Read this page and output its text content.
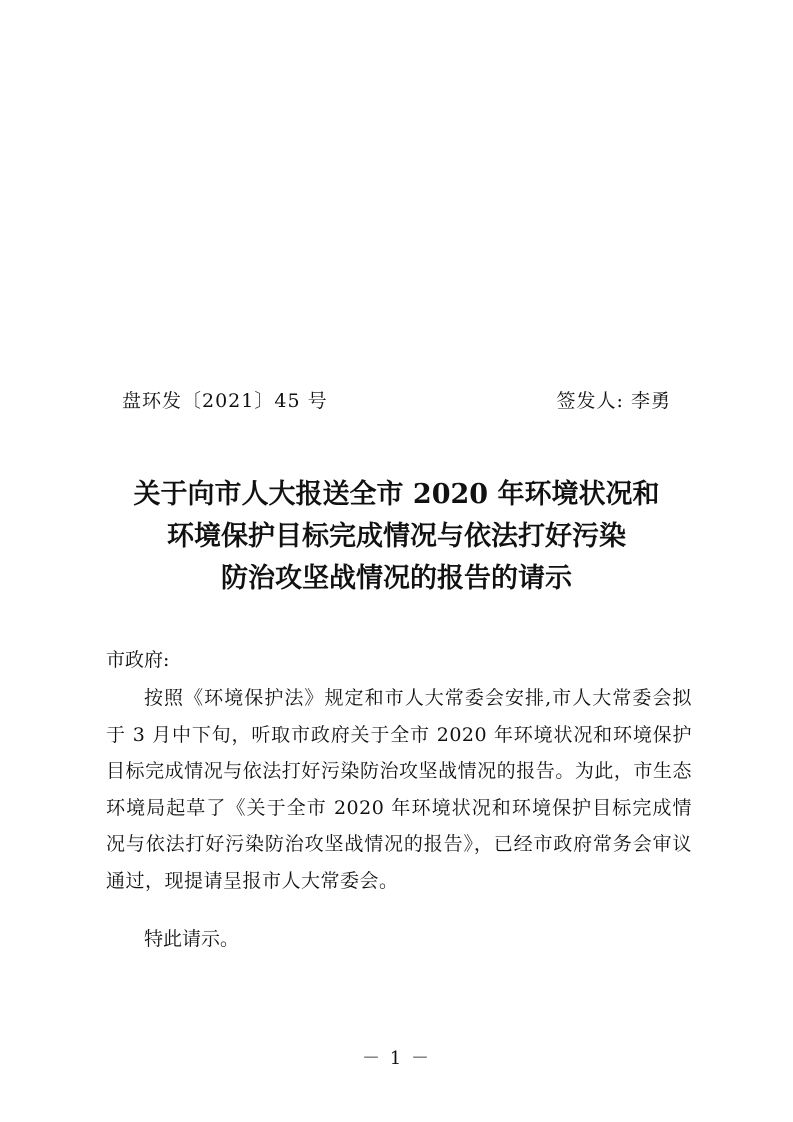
盘环发〔2021〕45 号	签发人: 李勇
关于向市人大报送全市 2020 年环境状况和
环境保护目标完成情况与依法打好污染
防治攻坚战情况的报告的请示
市政府:

按照《环境保护法》规定和市人大常委会安排,市人大常委会拟于 3 月中下旬，听取市政府关于全市 2020 年环境状况和环境保护目标完成情况与依法打好污染防治攻坚战情况的报告。为此，市生态环境局起草了《关于全市 2020 年环境状况和环境保护目标完成情况与依法打好污染防治攻坚战情况的报告》，已经市政府常务会审议通过，现提请呈报市人大常委会。

特此请示。
－ 1 －
